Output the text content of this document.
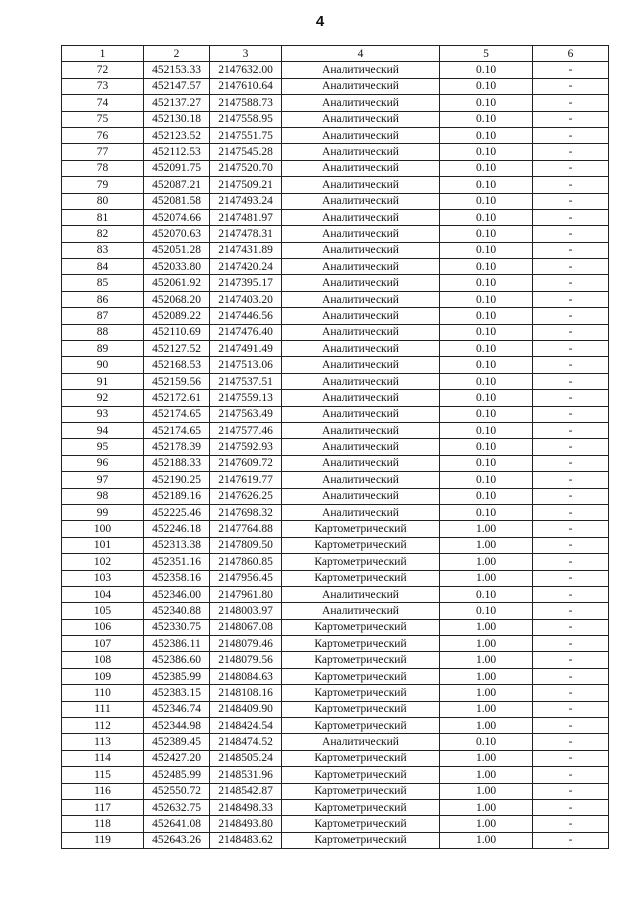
4
1	2	3	4	5	6
72	452153.33	2147632.00	Аналитический	0.10	-
73	452147.57	2147610.64	Аналитический	0.10	-
74	452137.27	2147588.73	Аналитический	0.10	-
75	452130.18	2147558.95	Аналитический	0.10	-
76	452123.52	2147551.75	Аналитический	0.10	-
77	452112.53	2147545.28	Аналитический	0.10	-
78	452091.75	2147520.70	Аналитический	0.10	-
79	452087.21	2147509.21	Аналитический	0.10	-
80	452081.58	2147493.24	Аналитический	0.10	-
81	452074.66	2147481.97	Аналитический	0.10	-
82	452070.63	2147478.31	Аналитический	0.10	-
83	452051.28	2147431.89	Аналитический	0.10	-
84	452033.80	2147420.24	Аналитический	0.10	-
85	452061.92	2147395.17	Аналитический	0.10	-
86	452068.20	2147403.20	Аналитический	0.10	-
87	452089.22	2147446.56	Аналитический	0.10	-
88	452110.69	2147476.40	Аналитический	0.10	-
89	452127.52	2147491.49	Аналитический	0.10	-
90	452168.53	2147513.06	Аналитический	0.10	-
91	452159.56	2147537.51	Аналитический	0.10	-
92	452172.61	2147559.13	Аналитический	0.10	-
93	452174.65	2147563.49	Аналитический	0.10	-
94	452174.65	2147577.46	Аналитический	0.10	-
95	452178.39	2147592.93	Аналитический	0.10	-
96	452188.33	2147609.72	Аналитический	0.10	-
97	452190.25	2147619.77	Аналитический	0.10	-
98	452189.16	2147626.25	Аналитический	0.10	-
99	452225.46	2147698.32	Аналитический	0.10	-
100	452246.18	2147764.88	Картометрический	1.00	-
101	452313.38	2147809.50	Картометрический	1.00	-
102	452351.16	2147860.85	Картометрический	1.00	-
103	452358.16	2147956.45	Картометрический	1.00	-
104	452346.00	2147961.80	Аналитический	0.10	-
105	452340.88	2148003.97	Аналитический	0.10	-
106	452330.75	2148067.08	Картометрический	1.00	-
107	452386.11	2148079.46	Картометрический	1.00	-
108	452386.60	2148079.56	Картометрический	1.00	-
109	452385.99	2148084.63	Картометрический	1.00	-
110	452383.15	2148108.16	Картометрический	1.00	-
111	452346.74	2148409.90	Картометрический	1.00	-
112	452344.98	2148424.54	Картометрический	1.00	-
113	452389.45	2148474.52	Аналитический	0.10	-
114	452427.20	2148505.24	Картометрический	1.00	-
115	452485.99	2148531.96	Картометрический	1.00	-
116	452550.72	2148542.87	Картометрический	1.00	-
117	452632.75	2148498.33	Картометрический	1.00	-
118	452641.08	2148493.80	Картометрический	1.00	-
119	452643.26	2148483.62	Картометрический	1.00	-
